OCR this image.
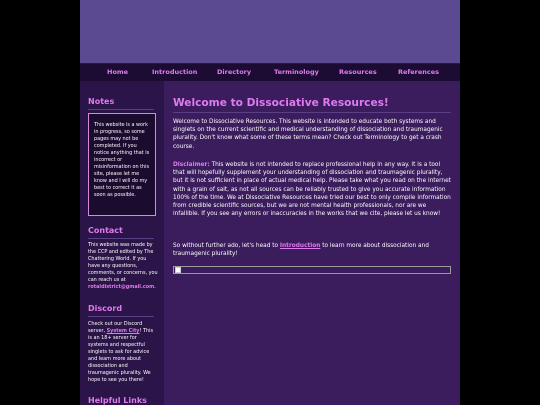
Home	Introduction	Directory	Terminology	Resources	References
Notes

This website is a work in progress, so some pages may not be completed. If you notice anything that is incorrect or misinformation on this site, please let me know and I will do my best to correct it as soon as possible.

Contact

This website was made by the CCP and edited by The Chattering World. If you have any questions, comments, or concerns, you can reach us at rotaldistrict@gmail.com.

Discord

Check out our Discord server, System City! This is an 18+ server for systems and respectful singlets to ask for advice and learn more about dissociation and traumagenic plurality. We hope to see you there!

Helpful Links
Welcome to Dissociative Resources!

Welcome to Dissociative Resources. This website is intended to educate both systems and singlets on the current scientific and medical understanding of dissociation and traumagenic plurality. Don't know what some of these terms mean? Check out Terminology to get a crash course.

Disclaimer: This website is not intended to replace professional help in any way. It is a tool that will hopefully supplement your understanding of dissociation and traumagenic plurality, but it is not sufficient in place of actual medical help. Please take what you read on the internet with a grain of salt, as not all sources can be reliably trusted to give you accurate information 100% of the time. We at Dissociative Resources have tried our best to only compile information from credible scientific sources, but we are not mental health professionals, nor are we infallible. If you see any errors or inaccuracies in the works that we cite, please let us know!

So without further ado, let's head to Introduction to learn more about dissociation and traumagenic plurality!
